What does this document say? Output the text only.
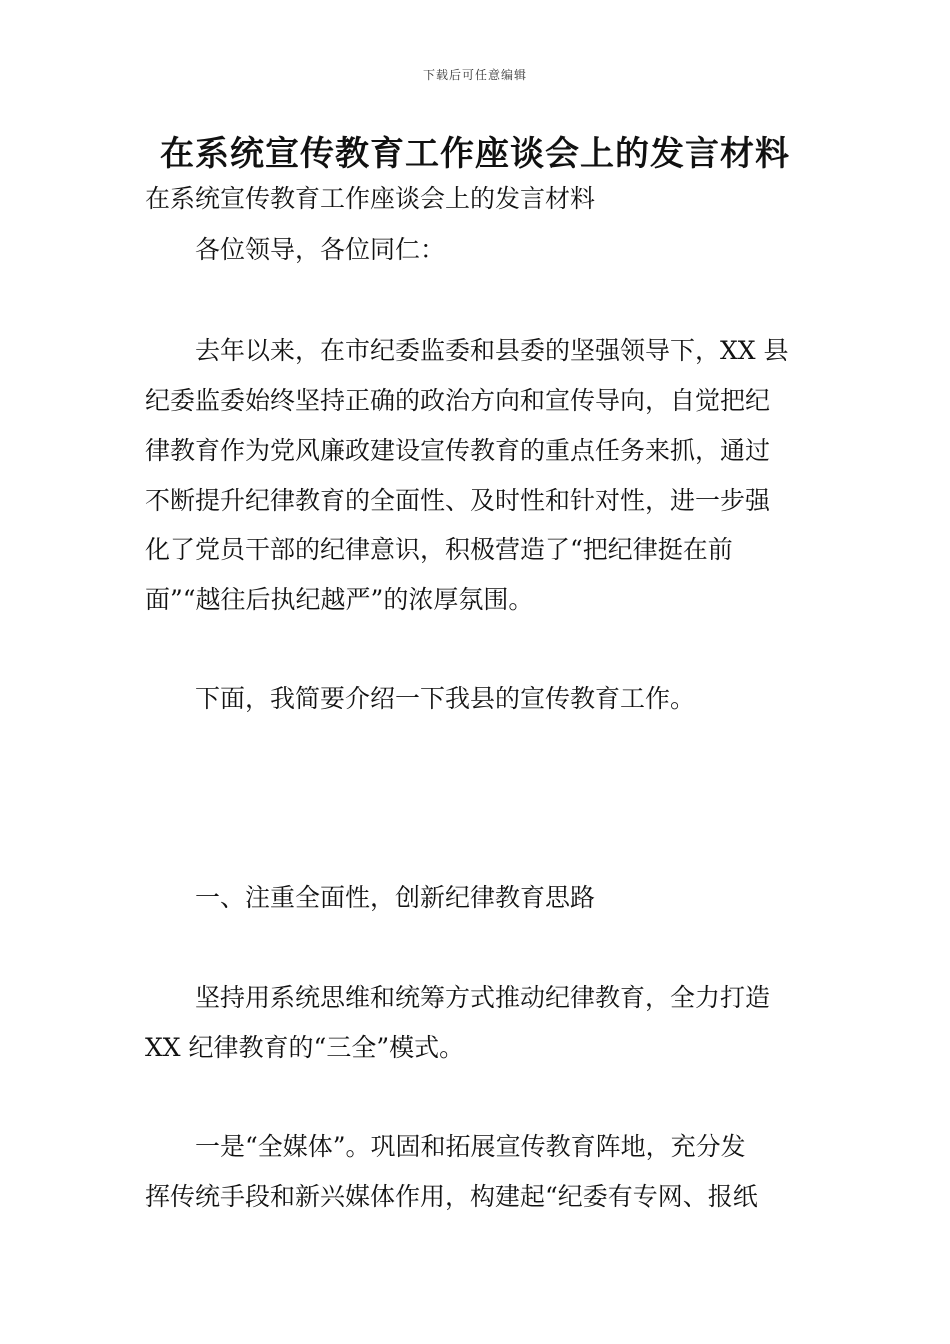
下载后可任意编辑
在系统宣传教育工作座谈会上的发言材料

在系统宣传教育工作座谈会上的发言材料

各位领导，各位同仁：

去年以来，在市纪委监委和县委的坚强领导下，XX 县

纪委监委始终坚持正确的政治方向和宣传导向，自觉把纪

律教育作为党风廉政建设宣传教育的重点任务来抓，通过

不断提升纪律教育的全面性、及时性和针对性，进一步强

化了党员干部的纪律意识，积极营造了“把纪律挺在前

面”“越往后执纪越严”的浓厚氛围。

下面，我简要介绍一下我县的宣传教育工作。

一、注重全面性，创新纪律教育思路

坚持用系统思维和统筹方式推动纪律教育，全力打造

XX 纪律教育的“三全”模式。

一是“全媒体”。巩固和拓展宣传教育阵地，充分发

挥传统手段和新兴媒体作用，构建起“纪委有专网、报纸
